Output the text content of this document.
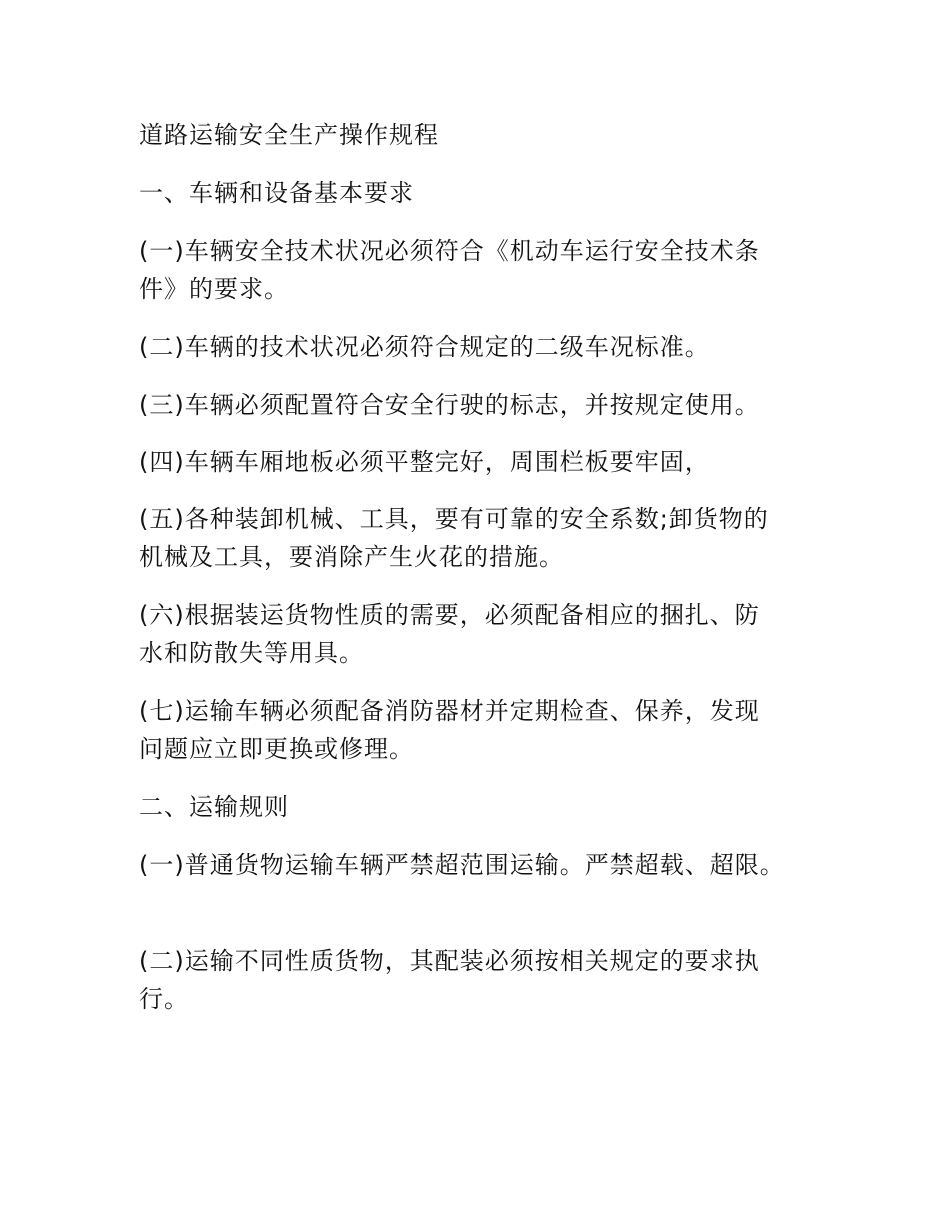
道路运输安全生产操作规程
一、车辆和设备基本要求
(一)车辆安全技术状况必须符合《机动车运行安全技术条
件》的要求。
(二)车辆的技术状况必须符合规定的二级车况标准。
(三)车辆必须配置符合安全行驶的标志，并按规定使用。
(四)车辆车厢地板必须平整完好，周围栏板要牢固，
(五)各种装卸机械、工具，要有可靠的安全系数;卸货物的
机械及工具，要消除产生火花的措施。
(六)根据装运货物性质的需要，必须配备相应的捆扎、防
水和防散失等用具。
(七)运输车辆必须配备消防器材并定期检查、保养，发现
问题应立即更换或修理。
二、运输规则
(一)普通货物运输车辆严禁超范围运输。严禁超载、超限。
(二)运输不同性质货物，其配装必须按相关规定的要求执
行。
